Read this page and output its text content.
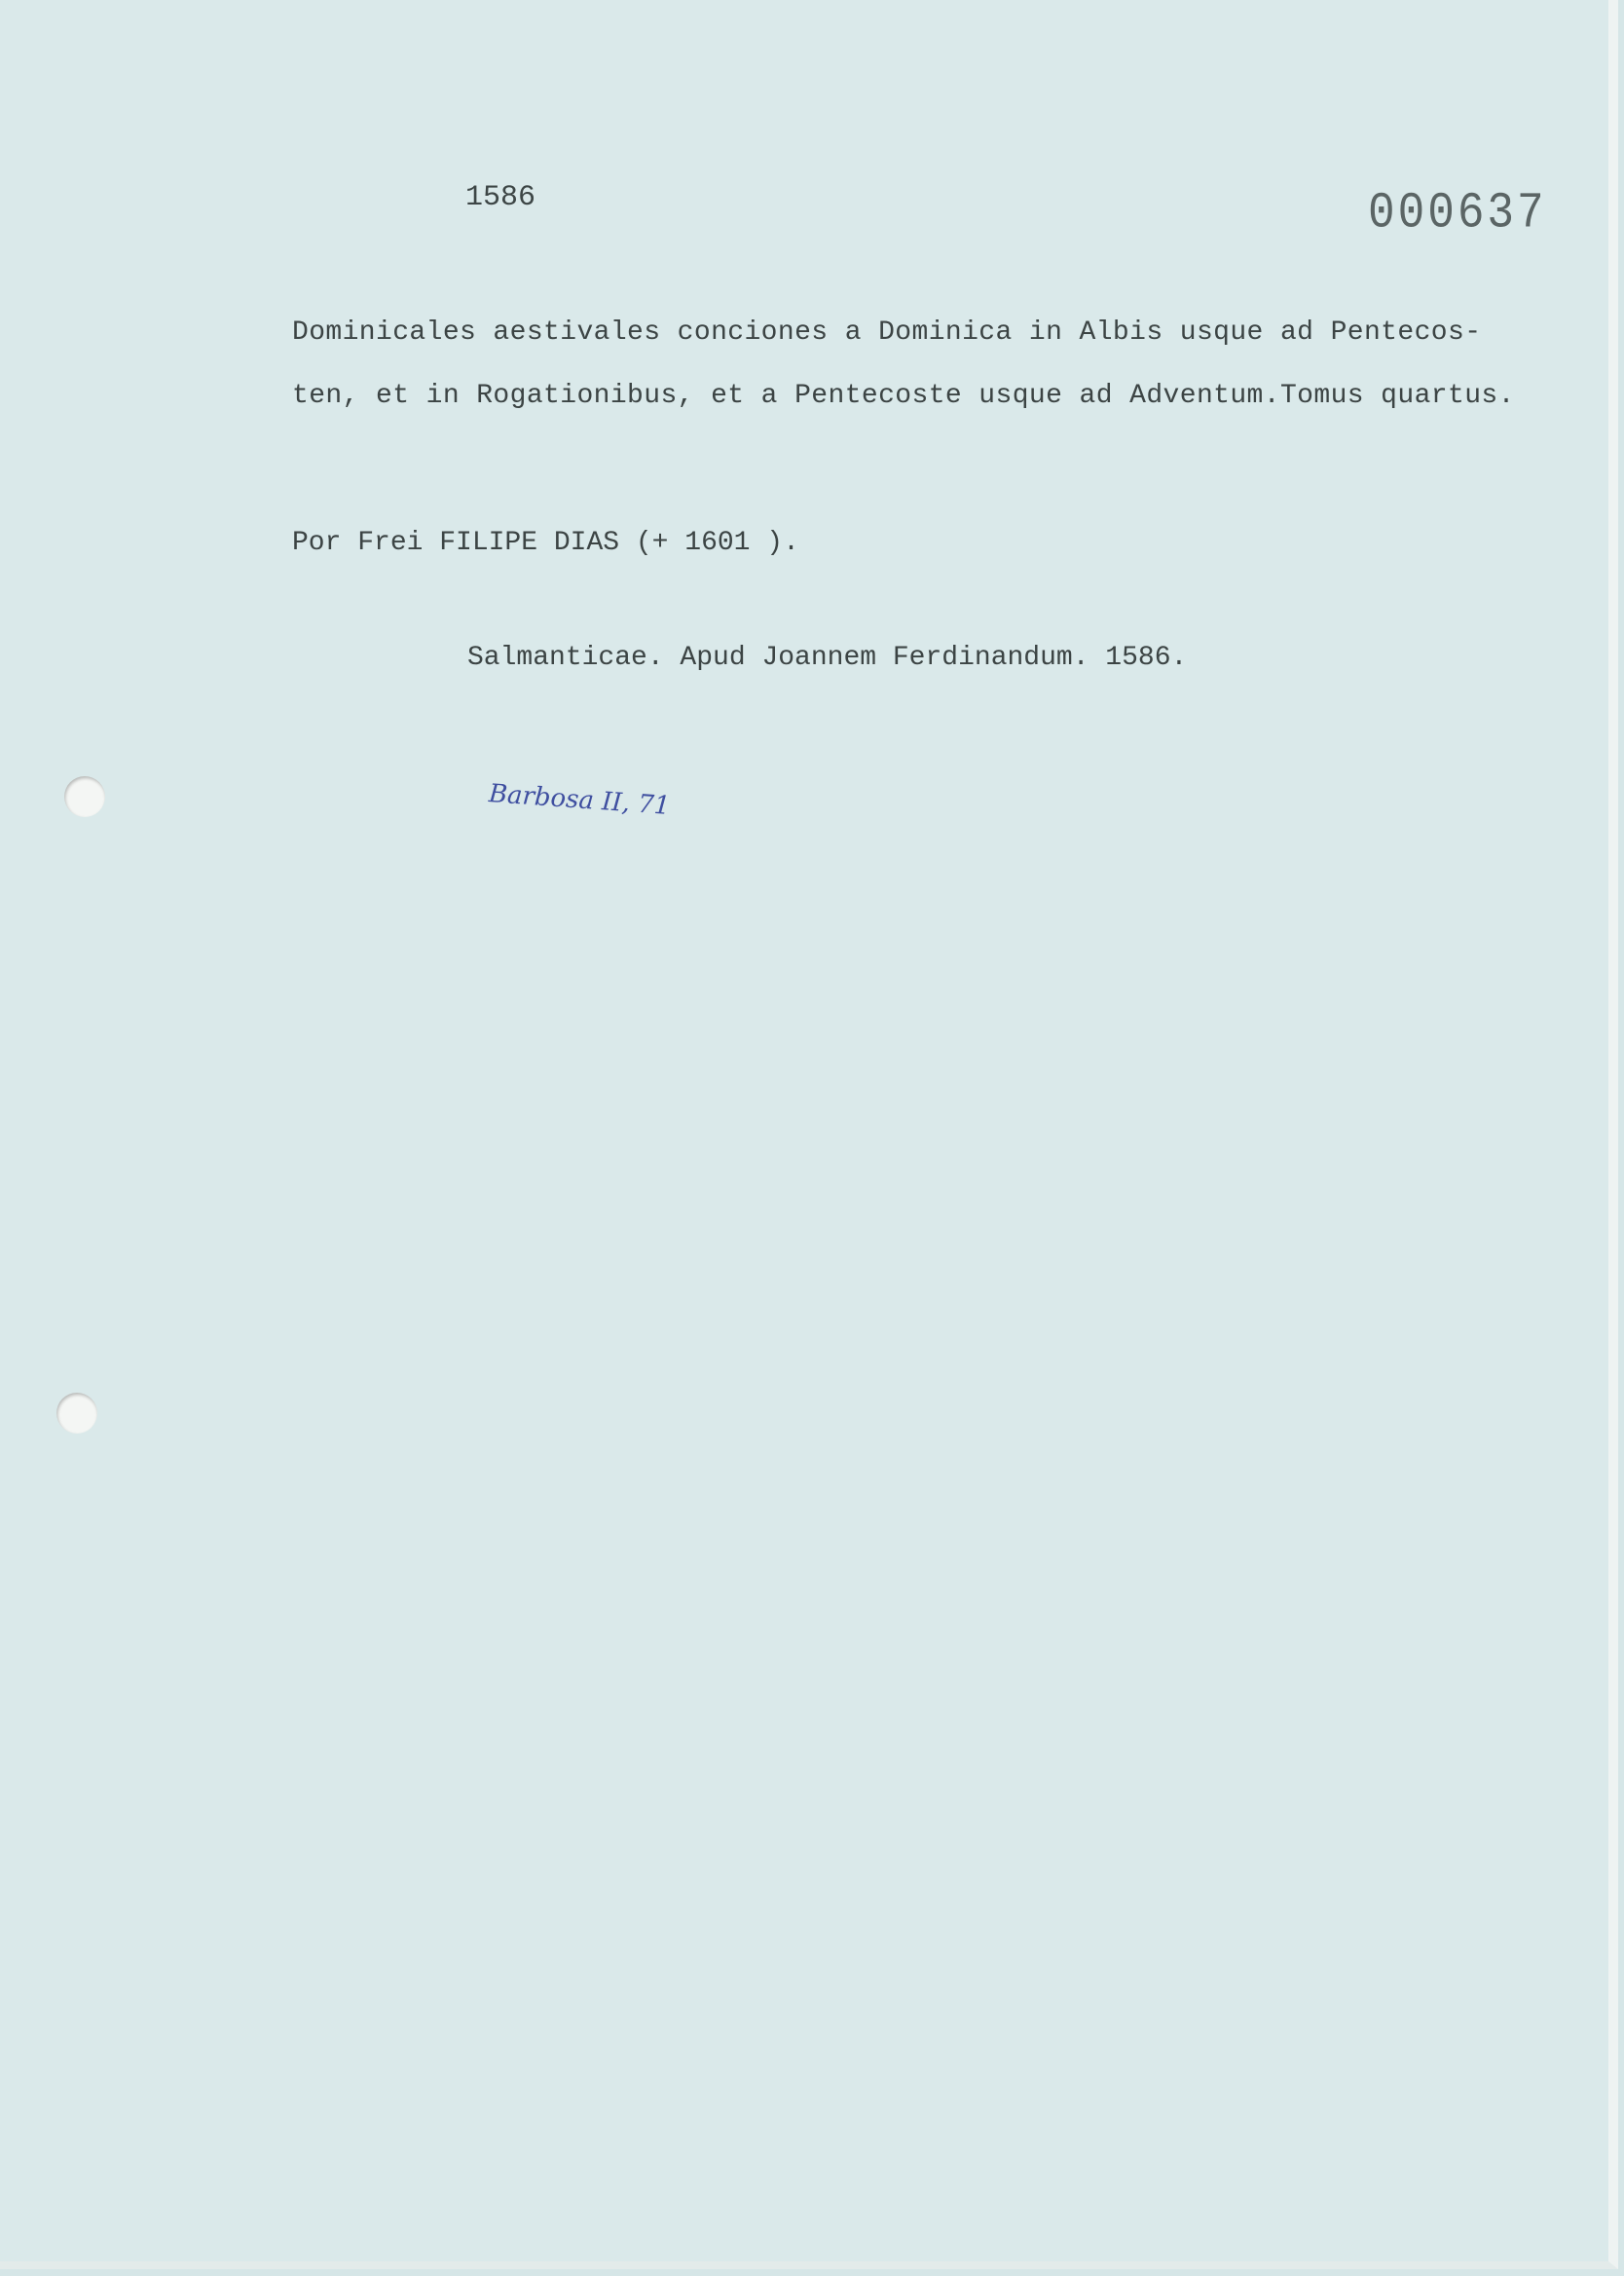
1586	000637
Dominicales aestivales conciones a Dominica in Albis usque ad Pentecos-
ten, et in Rogationibus, et a Pentecoste usque ad Adventum.Tomus quartus.
Por Frei FILIPE DIAS (+ 1601 ).
Salmanticae. Apud Joannem Ferdinandum. 1586.
Barbosa II, 71
